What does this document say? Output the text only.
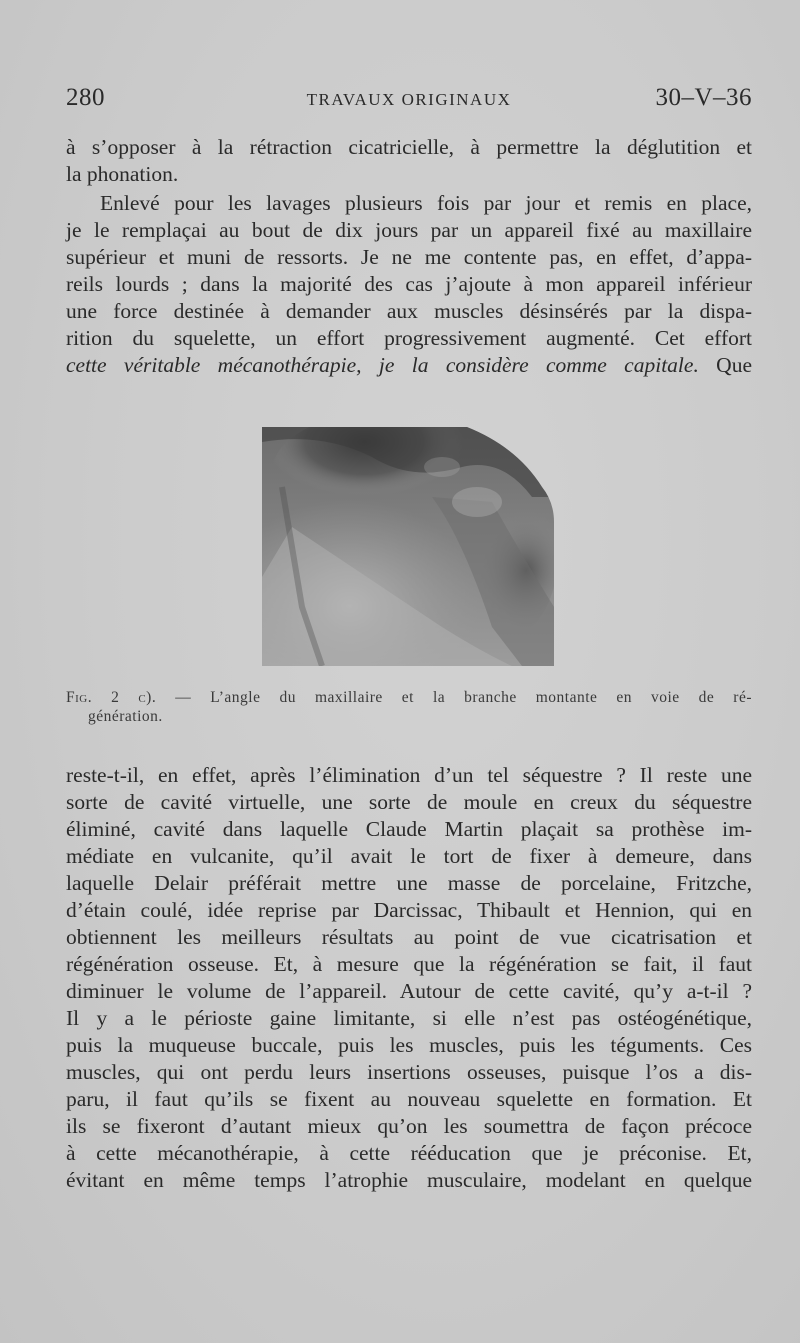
280	TRAVAUX ORIGINAUX	30–V–36
à s’opposer à la rétraction cicatricielle, à permettre la déglutition et
la phonation.
Enlevé pour les lavages plusieurs fois par jour et remis en place,
je le remplaçai au bout de dix jours par un appareil fixé au maxillaire
supérieur et muni de ressorts. Je ne me contente pas, en effet, d’appa-
reils lourds ; dans la majorité des cas j’ajoute à mon appareil inférieur
une force destinée à demander aux muscles désinsérés par la dispa-
rition du squelette, un effort progressivement augmenté. Cet effort
cette véritable mécanothérapie, je la considère comme capitale. Que
Fig. 2 c). — L’angle du maxillaire et la branche montante en voie de ré-
génération.
reste-t-il, en effet, après l’élimination d’un tel séquestre ? Il reste une
sorte de cavité virtuelle, une sorte de moule en creux du séquestre
éliminé, cavité dans laquelle Claude Martin plaçait sa prothèse im-
médiate en vulcanite, qu’il avait le tort de fixer à demeure, dans
laquelle Delair préférait mettre une masse de porcelaine, Fritzche,
d’étain coulé, idée reprise par Darcissac, Thibault et Hennion, qui en
obtiennent les meilleurs résultats au point de vue cicatrisation et
régénération osseuse. Et, à mesure que la régénération se fait, il faut
diminuer le volume de l’appareil. Autour de cette cavité, qu’y a-t-il ?
Il y a le périoste gaine limitante, si elle n’est pas ostéogénétique,
puis la muqueuse buccale, puis les muscles, puis les téguments. Ces
muscles, qui ont perdu leurs insertions osseuses, puisque l’os a dis-
paru, il faut qu’ils se fixent au nouveau squelette en formation. Et
ils se fixeront d’autant mieux qu’on les soumettra de façon précoce
à cette mécanothérapie, à cette rééducation que je préconise. Et,
évitant en même temps l’atrophie musculaire, modelant en quelque
